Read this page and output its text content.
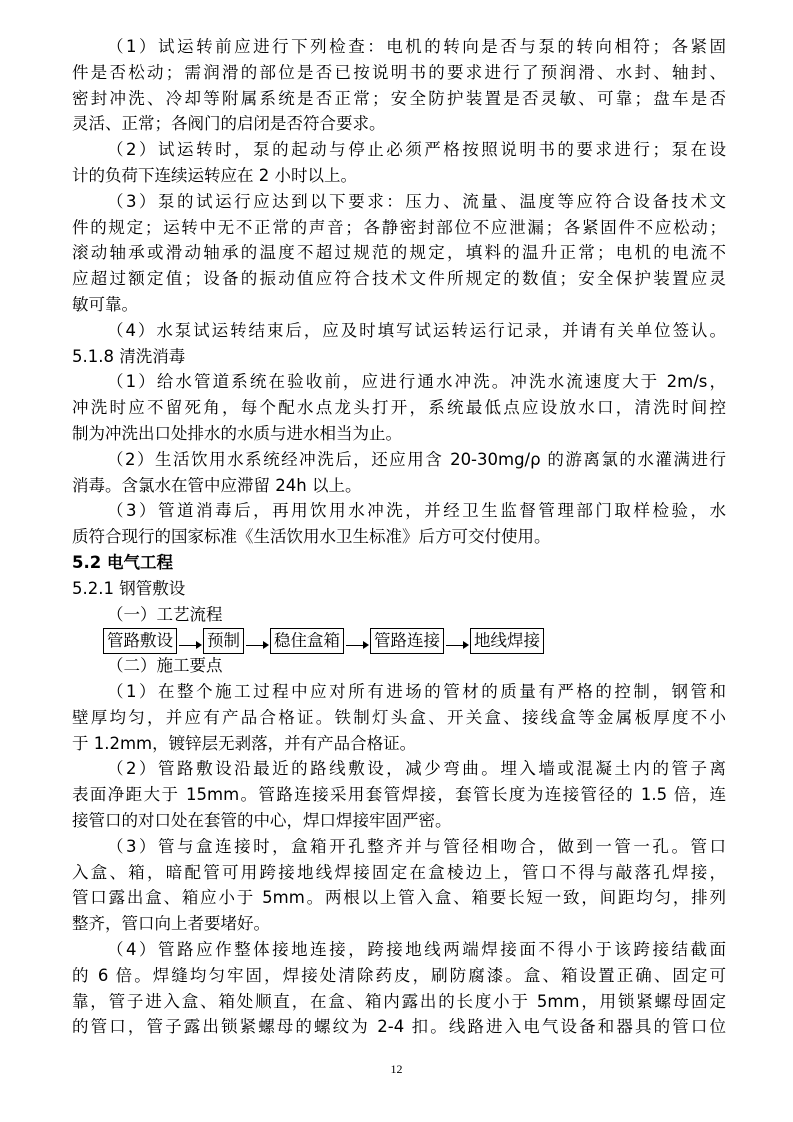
（1）试运转前应进行下列检查：电机的转向是否与泵的转向相符；各紧固
件是否松动；需润滑的部位是否已按说明书的要求进行了预润滑、水封、轴封、
密封冲洗、冷却等附属系统是否正常；安全防护装置是否灵敏、可靠；盘车是否
灵活、正常；各阀门的启闭是否符合要求。
（2）试运转时，泵的起动与停止必须严格按照说明书的要求进行；泵在设
计的负荷下连续运转应在 2 小时以上。
（3）泵的试运行应达到以下要求：压力、流量、温度等应符合设备技术文
件的规定；运转中无不正常的声音；各静密封部位不应泄漏；各紧固件不应松动；
滚动轴承或滑动轴承的温度不超过规范的规定，填料的温升正常；电机的电流不
应超过额定值；设备的振动值应符合技术文件所规定的数值；安全保护装置应灵
敏可靠。
（4）水泵试运转结束后，应及时填写试运转运行记录，并请有关单位签认。
5.1.8 清洗消毒
（1）给水管道系统在验收前，应进行通水冲洗。冲洗水流速度大于 2m/s，
冲洗时应不留死角，每个配水点龙头打开，系统最低点应设放水口，清洗时间控
制为冲洗出口处排水的水质与进水相当为止。
（2）生活饮用水系统经冲洗后，还应用含 20-30mg/ρ 的游离氯的水灌满进行
消毒。含氯水在管中应滞留 24h 以上。
（3）管道消毒后，再用饮用水冲洗，并经卫生监督管理部门取样检验，水
质符合现行的国家标准《生活饮用水卫生标准》后方可交付使用。
5.2 电气工程
5.2.1 钢管敷设
（一）工艺流程
管路敷设 预制 稳住盒箱 管路连接 地线焊接
（二）施工要点
（1）在整个施工过程中应对所有进场的管材的质量有严格的控制，钢管和
壁厚均匀，并应有产品合格证。铁制灯头盒、开关盒、接线盒等金属板厚度不小
于 1.2mm，镀锌层无剥落，并有产品合格证。
（2）管路敷设沿最近的路线敷设，减少弯曲。埋入墙或混凝土内的管子离
表面净距大于 15mm。管路连接采用套管焊接，套管长度为连接管径的 1.5 倍，连
接管口的对口处在套管的中心，焊口焊接牢固严密。
（3）管与盒连接时，盒箱开孔整齐并与管径相吻合，做到一管一孔。管口
入盒、箱，暗配管可用跨接地线焊接固定在盒棱边上，管口不得与敲落孔焊接，
管口露出盒、箱应小于 5mm。两根以上管入盒、箱要长短一致，间距均匀，排列
整齐，管口向上者要堵好。
（4）管路应作整体接地连接，跨接地线两端焊接面不得小于该跨接结截面
的 6 倍。焊缝均匀牢固，焊接处清除药皮，刷防腐漆。盒、箱设置正确、固定可
靠，管子进入盒、箱处顺直，在盒、箱内露出的长度小于 5mm，用锁紧螺母固定
的管口，管子露出锁紧螺母的螺纹为 2-4 扣。线路进入电气设备和器具的管口位
12
